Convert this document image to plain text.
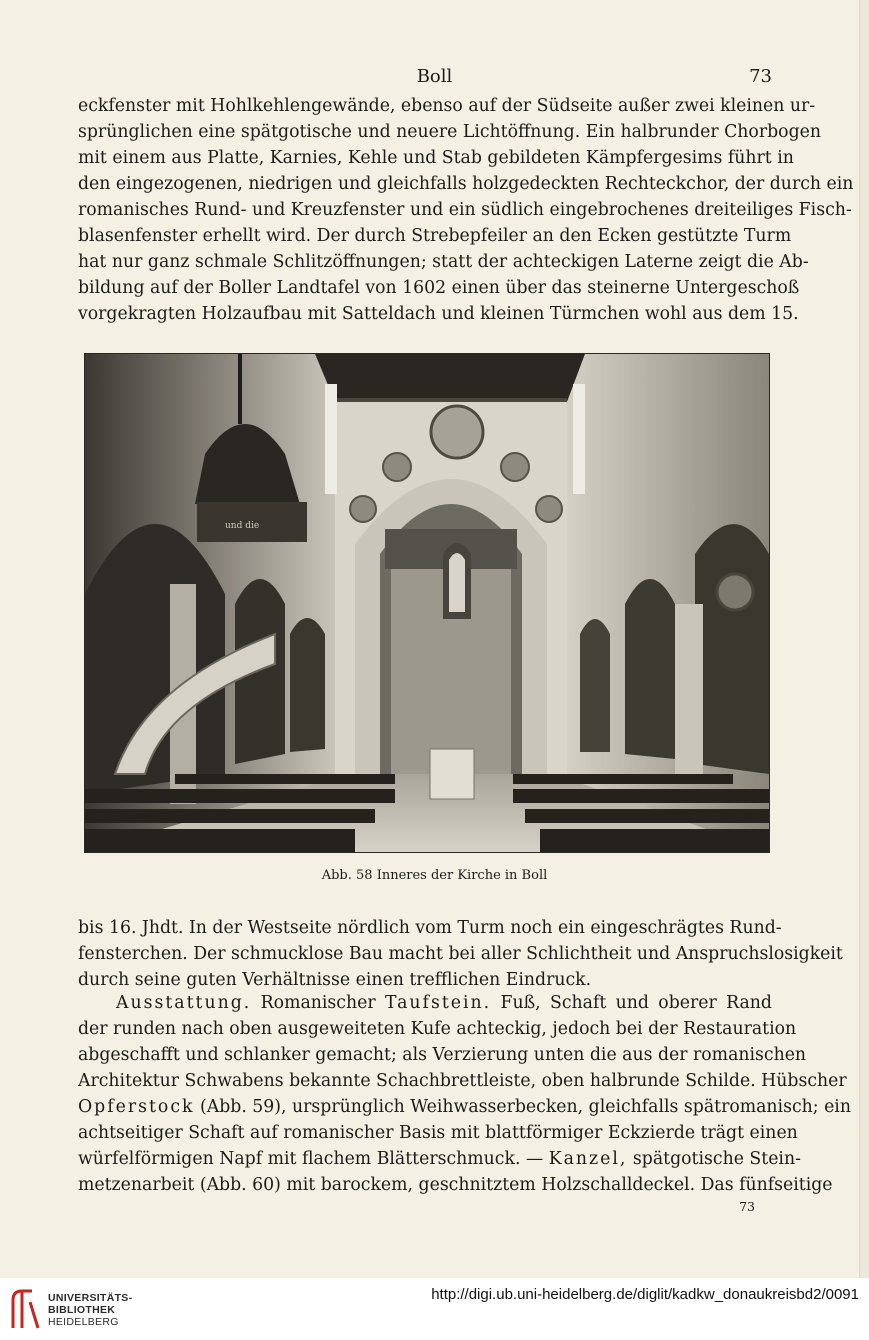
Boll	73
eckfenster mit Hohlkehlengewände, ebenso auf der Südseite außer zwei kleinen ur-
sprünglichen eine spätgotische und neuere Lichtöffnung. Ein halbrunder Chorbogen
mit einem aus Platte, Karnies, Kehle und Stab gebildeten Kämpfergesims führt in
den eingezogenen, niedrigen und gleichfalls holzgedeckten Rechteckchor, der durch ein
romanisches Rund- und Kreuzfenster und ein südlich eingebrochenes dreiteiliges Fisch-
blasenfenster erhellt wird. Der durch Strebepfeiler an den Ecken gestützte Turm
hat nur ganz schmale Schlitzöffnungen; statt der achteckigen Laterne zeigt die Ab-
bildung auf der Boller Landtafel von 1602 einen über das steinerne Untergeschoß
vorgekragten Holzaufbau mit Satteldach und kleinen Türmchen wohl aus dem 15.
und die
Abb. 58 Inneres der Kirche in Boll
bis 16. Jhdt. In der Westseite nördlich vom Turm noch ein eingeschrägtes Rund-
fensterchen. Der schmucklose Bau macht bei aller Schlichtheit und Anspruchslosigkeit
durch seine guten Verhältnisse einen trefflichen Eindruck.
Ausstattung. Romanischer Taufstein. Fuß, Schaft und oberer Rand
der runden nach oben ausgeweiteten Kufe achteckig, jedoch bei der Restauration
abgeschafft und schlanker gemacht; als Verzierung unten die aus der romanischen
Architektur Schwabens bekannte Schachbrettleiste, oben halbrunde Schilde. Hübscher
Opferstock (Abb. 59), ursprünglich Weihwasserbecken, gleichfalls spätromanisch; ein
achtseitiger Schaft auf romanischer Basis mit blattförmiger Eckzierde trägt einen
würfelförmigen Napf mit flachem Blätterschmuck. — Kanzel, spätgotische Stein-
metzenarbeit (Abb. 60) mit barockem, geschnitztem Holzschalldeckel. Das fünfseitige
73
UNIVERSITÄTS-
BIBLIOTHEK
HEIDELBERG
http://digi.ub.uni-heidelberg.de/diglit/kadkw_donaukreisbd2/0091
